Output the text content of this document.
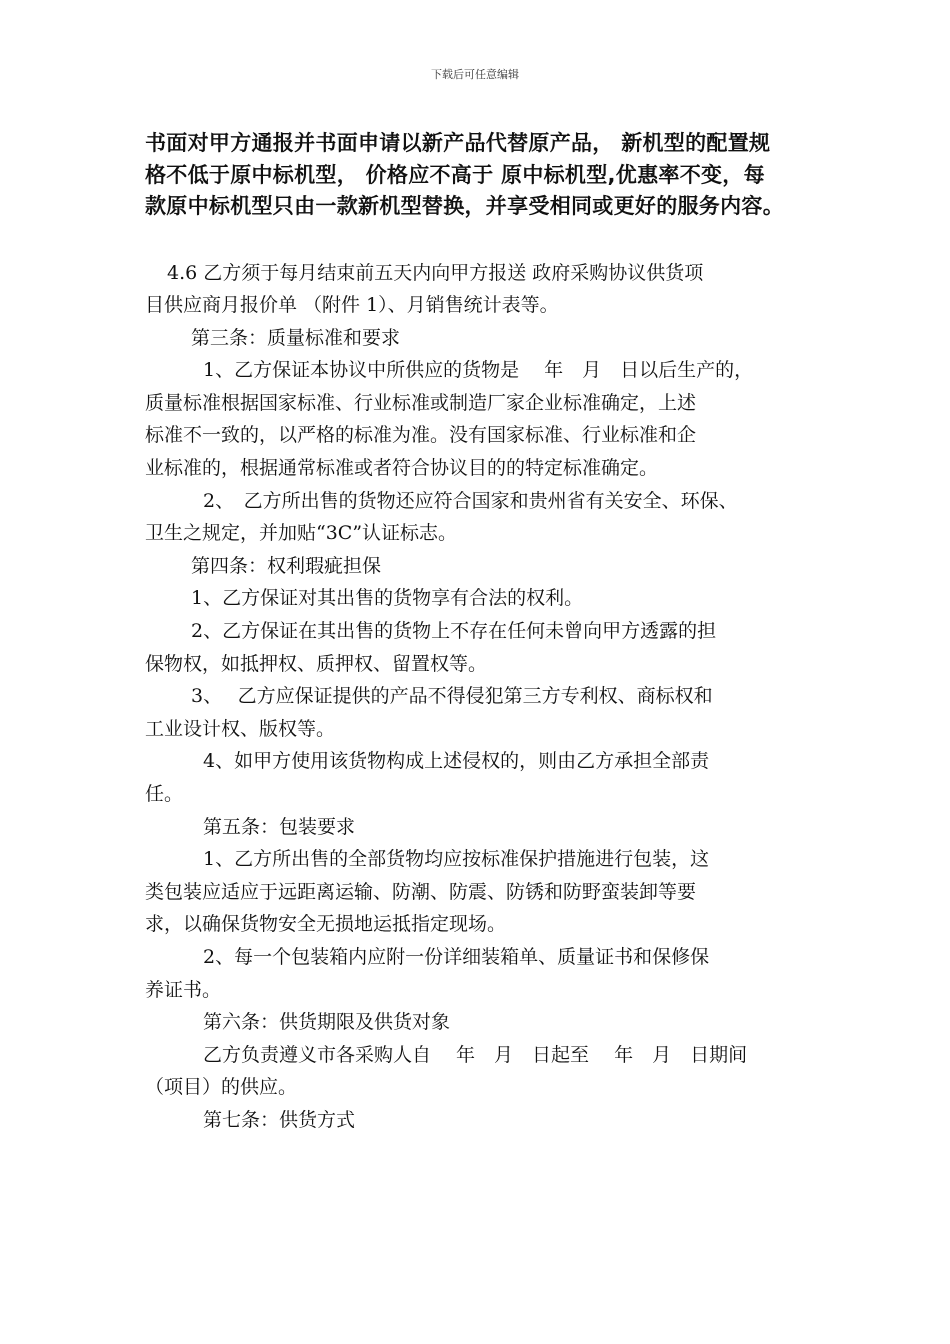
下载后可任意编辑
书面对甲方通报并书面申请以新产品代替原产品， 新机型的配置规
格不低于原中标机型， 价格应不高于 原中标机型,优惠率不变，每
款原中标机型只由一款新机型替换，并享受相同或更好的服务内容。

4.6 乙方须于每月结束前五天内向甲方报送 政府采购协议供货项

目供应商月报价单 （附件 1）、月销售统计表等。

第三条：质量标准和要求

1、乙方保证本协议中所供应的货物是　 年　月　日以后生产的，

质量标准根据国家标准、行业标准或制造厂家企业标准确定，上述

标准不一致的，以严格的标准为准。没有国家标准、行业标准和企

业标准的，根据通常标准或者符合协议目的的特定标准确定。

2、　乙方所出售的货物还应符合国家和贵州省有关安全、环保、

卫生之规定，并加贴“3C”认证标志。

第四条：权利瑕疵担保

1、乙方保证对其出售的货物享有合法的权利。

2、乙方保证在其出售的货物上不存在任何未曾向甲方透露的担

保物权，如抵押权、质押权、留置权等。

3、　 乙方应保证提供的产品不得侵犯第三方专利权、商标权和

工业设计权、版权等。

4、如甲方使用该货物构成上述侵权的，则由乙方承担全部责

任。

第五条：包装要求

1、乙方所出售的全部货物均应按标准保护措施进行包装，这

类包装应适应于远距离运输、防潮、防震、防锈和防野蛮装卸等要

求，以确保货物安全无损地运抵指定现场。

2、每一个包装箱内应附一份详细装箱单、质量证书和保修保

养证书。

第六条：供货期限及供货对象

乙方负责遵义市各采购人自　 年　月　日起至　 年　月　日期间

（项目）的供应。

第七条：供货方式
